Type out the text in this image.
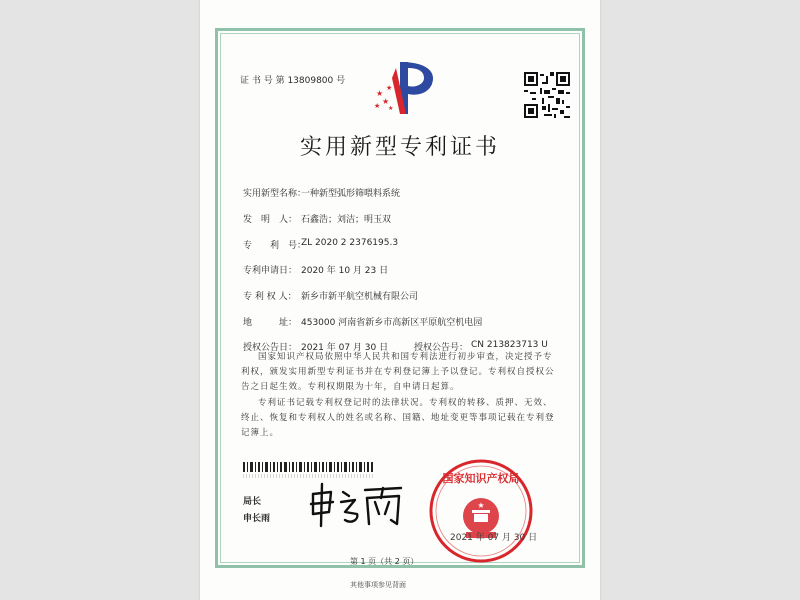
证 书 号 第 13809800 号
★
★
★
★
★
实用新型专利证书
实用新型名称：
一种新型弧形筛喂料系统
发　明　人： 石鑫浩；刘洁；明玉双
专　　利　号：
ZL 2020 2 2376195.3
专利申请日： 2020 年 10 月 23 日
专 利 权 人： 新乡市新平航空机械有限公司
地　　　址： 453000 河南省新乡市高新区平原航空机电园
授权公告日： 2021 年 07 月 30 日	授权公告号： CN 213823713 U
国家知识产权局依照中华人民共和国专利法进行初步审查，决定授予专利权，颁发实用新型专利证书并在专利登记簿上予以登记。专利权自授权公告之日起生效。专利权期限为十年，自申请日起算。
专利证书记载专利权登记时的法律状况。专利权的转移、质押、无效、终止、恢复和专利权人的姓名或名称、国籍、地址变更等事项记载在专利登记簿上。
局长
申长雨
国家知识产权局
★
2021 年 07 月 30 日
第 1 页（共 2 页）
其他事项参见背面
